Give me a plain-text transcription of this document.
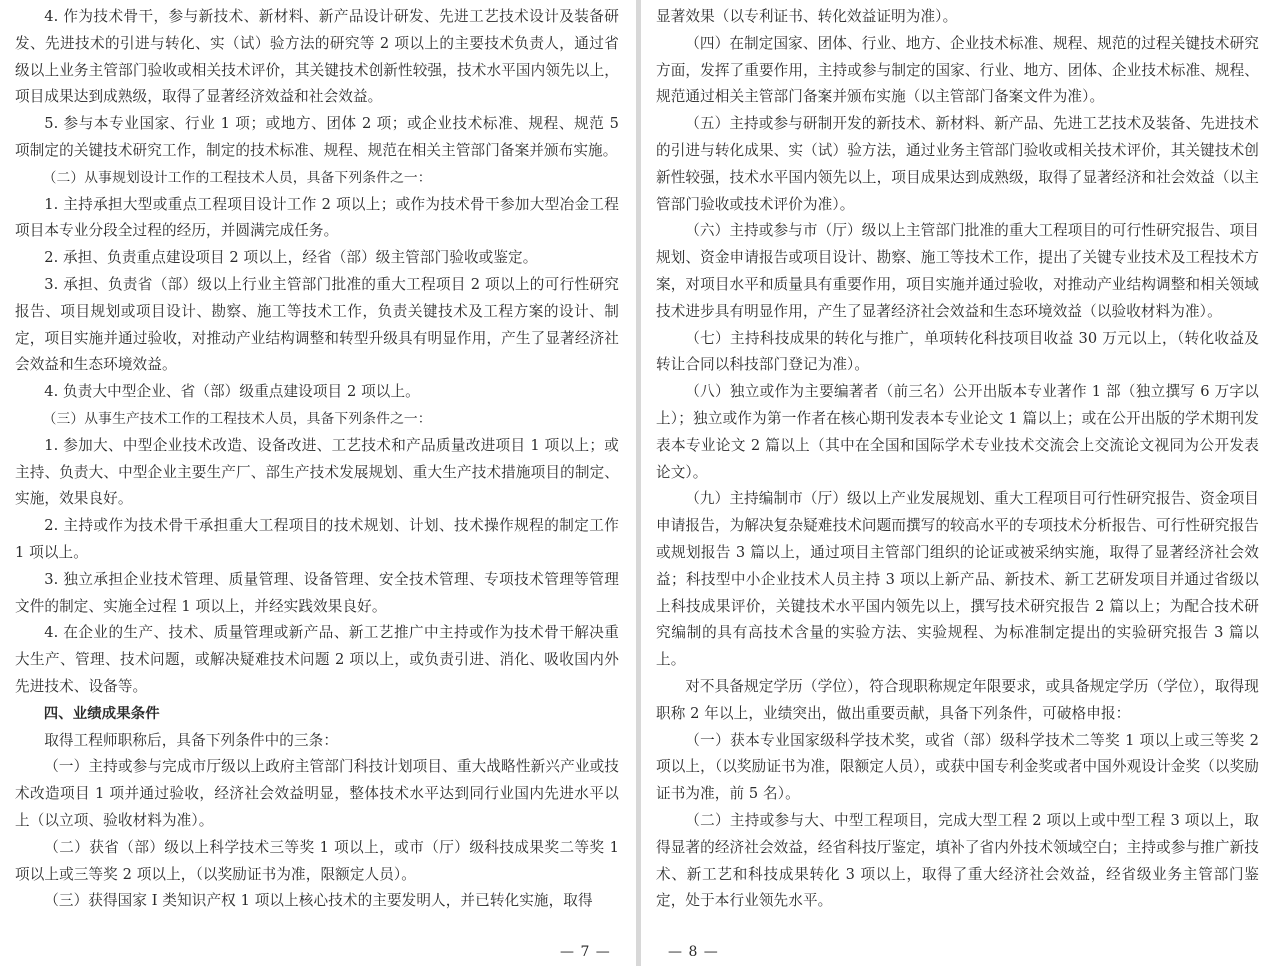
4. 作为技术骨干，参与新技术、新材料、新产品设计研发、先进工艺技术设计及装备研发、先进技术的引进与转化、实（试）验方法的研究等 2 项以上的主要技术负责人，通过省级以上业务主管部门验收或相关技术评价，其关键技术创新性较强，技术水平国内领先以上，项目成果达到成熟级，取得了显著经济效益和社会效益。

5. 参与本专业国家、行业 1 项；或地方、团体 2 项；或企业技术标准、规程、规范 5 项制定的关键技术研究工作，制定的技术标准、规程、规范在相关主管部门备案并颁布实施。

（二）从事规划设计工作的工程技术人员，具备下列条件之一：

1. 主持承担大型或重点工程项目设计工作 2 项以上；或作为技术骨干参加大型冶金工程项目本专业分段全过程的经历，并圆满完成任务。

2. 承担、负责重点建设项目 2 项以上，经省（部）级主管部门验收或鉴定。

3. 承担、负责省（部）级以上行业主管部门批准的重大工程项目 2 项以上的可行性研究报告、项目规划或项目设计、勘察、施工等技术工作，负责关键技术及工程方案的设计、制定，项目实施并通过验收，对推动产业结构调整和转型升级具有明显作用，产生了显著经济社会效益和生态环境效益。

4. 负责大中型企业、省（部）级重点建设项目 2 项以上。

（三）从事生产技术工作的工程技术人员，具备下列条件之一：

1. 参加大、中型企业技术改造、设备改进、工艺技术和产品质量改进项目 1 项以上；或主持、负责大、中型企业主要生产厂、部生产技术发展规划、重大生产技术措施项目的制定、实施，效果良好。

2. 主持或作为技术骨干承担重大工程项目的技术规划、计划、技术操作规程的制定工作 1 项以上。

3. 独立承担企业技术管理、质量管理、设备管理、安全技术管理、专项技术管理等管理文件的制定、实施全过程 1 项以上，并经实践效果良好。

4. 在企业的生产、技术、质量管理或新产品、新工艺推广中主持或作为技术骨干解决重大生产、管理、技术问题，或解决疑难技术问题 2 项以上，或负责引进、消化、吸收国内外先进技术、设备等。

四、业绩成果条件

取得工程师职称后，具备下列条件中的三条：

（一）主持或参与完成市厅级以上政府主管部门科技计划项目、重大战略性新兴产业或技术改造项目 1 项并通过验收，经济社会效益明显，整体技术水平达到同行业国内先进水平以上（以立项、验收材料为准）。

（二）获省（部）级以上科学技术三等奖 1 项以上，或市（厅）级科技成果奖二等奖 1 项以上或三等奖 2 项以上，（以奖励证书为准，限额定人员）。

（三）获得国家 I 类知识产权 1 项以上核心技术的主要发明人，并已转化实施，取得

— 7 —

显著效果（以专利证书、转化效益证明为准）。

（四）在制定国家、团体、行业、地方、企业技术标准、规程、规范的过程关键技术研究方面，发挥了重要作用，主持或参与制定的国家、行业、地方、团体、企业技术标准、规程、规范通过相关主管部门备案并颁布实施（以主管部门备案文件为准）。

（五）主持或参与研制开发的新技术、新材料、新产品、先进工艺技术及装备、先进技术的引进与转化成果、实（试）验方法，通过业务主管部门验收或相关技术评价，其关键技术创新性较强，技术水平国内领先以上，项目成果达到成熟级，取得了显著经济和社会效益（以主管部门验收或技术评价为准）。

（六）主持或参与市（厅）级以上主管部门批准的重大工程项目的可行性研究报告、项目规划、资金申请报告或项目设计、勘察、施工等技术工作，提出了关键专业技术及工程技术方案，对项目水平和质量具有重要作用，项目实施并通过验收，对推动产业结构调整和相关领域技术进步具有明显作用，产生了显著经济社会效益和生态环境效益（以验收材料为准）。

（七）主持科技成果的转化与推广，单项转化科技项目收益 30 万元以上，（转化收益及转让合同以科技部门登记为准）。

（八）独立或作为主要编著者（前三名）公开出版本专业著作 1 部（独立撰写 6 万字以上）；独立或作为第一作者在核心期刊发表本专业论文 1 篇以上；或在公开出版的学术期刊发表本专业论文 2 篇以上（其中在全国和国际学术专业技术交流会上交流论文视同为公开发表论文）。

（九）主持编制市（厅）级以上产业发展规划、重大工程项目可行性研究报告、资金项目申请报告，为解决复杂疑难技术问题而撰写的较高水平的专项技术分析报告、可行性研究报告或规划报告 3 篇以上，通过项目主管部门组织的论证或被采纳实施，取得了显著经济社会效益；科技型中小企业技术人员主持 3 项以上新产品、新技术、新工艺研发项目并通过省级以上科技成果评价，关键技术水平国内领先以上，撰写技术研究报告 2 篇以上；为配合技术研究编制的具有高技术含量的实验方法、实验规程、为标准制定提出的实验研究报告 3 篇以上。

对不具备规定学历（学位），符合现职称规定年限要求，或具备规定学历（学位），取得现职称 2 年以上，业绩突出，做出重要贡献，具备下列条件，可破格申报：

（一）获本专业国家级科学技术奖，或省（部）级科学技术二等奖 1 项以上或三等奖 2 项以上，（以奖励证书为准，限额定人员），或获中国专利金奖或者中国外观设计金奖（以奖励证书为准，前 5 名）。

（二）主持或参与大、中型工程项目，完成大型工程 2 项以上或中型工程 3 项以上，取得显著的经济社会效益，经省科技厅鉴定，填补了省内外技术领域空白；主持或参与推广新技术、新工艺和科技成果转化 3 项以上，取得了重大经济社会效益，经省级业务主管部门鉴定，处于本行业领先水平。

— 8 —
